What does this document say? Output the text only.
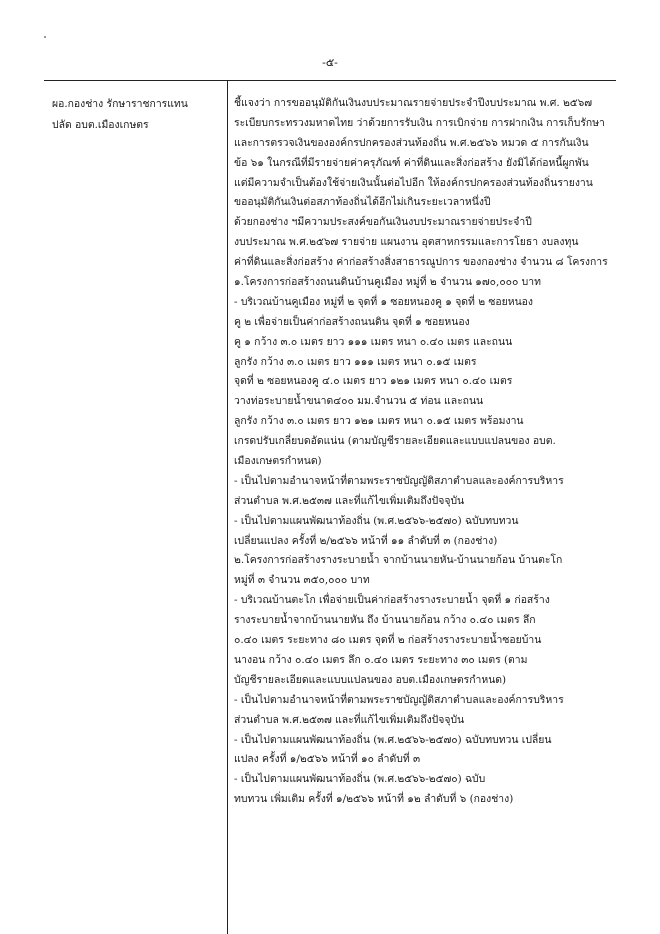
-๕-
ผอ.กองช่าง รักษาราชการแทน
ปลัด อบต.เมืองเกษตร
ชี้แจงว่า การขออนุมัติกันเงินงบประมาณรายจ่ายประจำปีงบประมาณ พ.ศ. ๒๕๖๗
ระเบียบกระทรวงมหาดไทย ว่าด้วยการรับเงิน การเบิกจ่าย การฝากเงิน การเก็บรักษา
และการตรวจเงินขององค์กรปกครองส่วนท้องถิ่น พ.ศ.๒๕๖๖ หมวด ๕ การกันเงิน
ข้อ ๖๑ ในกรณีที่มีรายจ่ายค่าครุภัณฑ์ ค่าที่ดินและสิ่งก่อสร้าง ยังมิได้ก่อหนี้ผูกพัน
แต่มีความจำเป็นต้องใช้จ่ายเงินนั้นต่อไปอีก ให้องค์กรปกครองส่วนท้องถิ่นรายงาน
ขออนุมัติกันเงินต่อสภาท้องถิ่นได้อีกไม่เกินระยะเวลาหนึ่งปี
ด้วยกองช่าง ฯมีความประสงค์ขอกันเงินงบประมาณรายจ่ายประจำปี
งบประมาณ พ.ศ.๒๕๖๗ รายจ่าย แผนงาน อุตสาหกรรมและการโยธา งบลงทุน
ค่าที่ดินและสิ่งก่อสร้าง ค่าก่อสร้างสิ่งสาธารณูปการ ของกองช่าง จำนวน ๘ โครงการ
๑.โครงการก่อสร้างถนนดินบ้านคูเมือง หมู่ที่ ๒ จำนวน ๑๗๐,๐๐๐ บาท
- บริเวณบ้านคูเมือง หมู่ที่ ๒ จุดที่ ๑ ซอยหนองคู ๑ จุดที่ ๒ ซอยหนอง
คู ๒ เพื่อจ่ายเป็นค่าก่อสร้างถนนดิน จุดที่ ๑ ซอยหนอง
คู ๑ กว้าง ๓.๐ เมตร ยาว ๑๑๑ เมตร หนา ๐.๔๐ เมตร และถนน
ลูกรัง กว้าง ๓.๐ เมตร ยาว ๑๑๑ เมตร หนา ๐.๑๕ เมตร
จุดที่ ๒ ซอยหนองคู ๔.๐ เมตร ยาว ๑๒๑ เมตร หนา ๐.๔๐ เมตร
วางท่อระบายน้ำขนาด๔๐๐ มม.จำนวน ๕ ท่อน และถนน
ลูกรัง กว้าง ๓.๐ เมตร ยาว ๑๒๑ เมตร หนา ๐.๑๕ เมตร พร้อมงาน
เกรดปรับเกลี่ยบดอัดแน่น (ตามบัญชีรายละเอียดและแบบแปลนของ อบต.
เมืองเกษตรกำหนด)
- เป็นไปตามอำนาจหน้าที่ตามพระราชบัญญัติสภาตำบลและองค์การบริหาร
ส่วนตำบล พ.ศ.๒๕๓๗ และที่แก้ไขเพิ่มเติมถึงปัจจุบัน
- เป็นไปตามแผนพัฒนาท้องถิ่น (พ.ศ.๒๕๖๖-๒๕๗๐) ฉบับทบทวน
เปลี่ยนแปลง ครั้งที่ ๒/๒๕๖๖ หน้าที่ ๑๑ ลำดับที่ ๓ (กองช่าง)
๒.โครงการก่อสร้างรางระบายน้ำ จากบ้านนายหัน-บ้านนายก้อน บ้านตะโก
หมู่ที่ ๓ จำนวน ๓๕๐,๐๐๐ บาท
- บริเวณบ้านตะโก เพื่อจ่ายเป็นค่าก่อสร้างรางระบายน้ำ จุดที่ ๑ ก่อสร้าง
รางระบายน้ำจากบ้านนายหัน ถึง บ้านนายก้อน กว้าง ๐.๔๐ เมตร ลึก
๐.๔๐ เมตร ระยะทาง ๘๐ เมตร จุดที่ ๒ ก่อสร้างรางระบายน้ำซอยบ้าน
นางอน กว้าง ๐.๔๐ เมตร ลึก ๐.๔๐ เมตร ระยะทาง ๓๐ เมตร (ตาม
บัญชีรายละเอียดและแบบแปลนของ อบต.เมืองเกษตรกำหนด)
- เป็นไปตามอำนาจหน้าที่ตามพระราชบัญญัติสภาตำบลและองค์การบริหาร
ส่วนตำบล พ.ศ.๒๕๓๗ และที่แก้ไขเพิ่มเติมถึงปัจจุบัน
- เป็นไปตามแผนพัฒนาท้องถิ่น (พ.ศ.๒๕๖๖-๒๕๗๐) ฉบับทบทวน เปลี่ยน
แปลง ครั้งที่ ๑/๒๕๖๖ หน้าที่ ๑๐ ลำดับที่ ๓
- เป็นไปตามแผนพัฒนาท้องถิ่น (พ.ศ.๒๕๖๖-๒๕๗๐) ฉบับ
ทบทวน เพิ่มเติม ครั้งที่ ๑/๒๕๖๖ หน้าที่ ๑๒ ลำดับที่ ๖ (กองช่าง)
